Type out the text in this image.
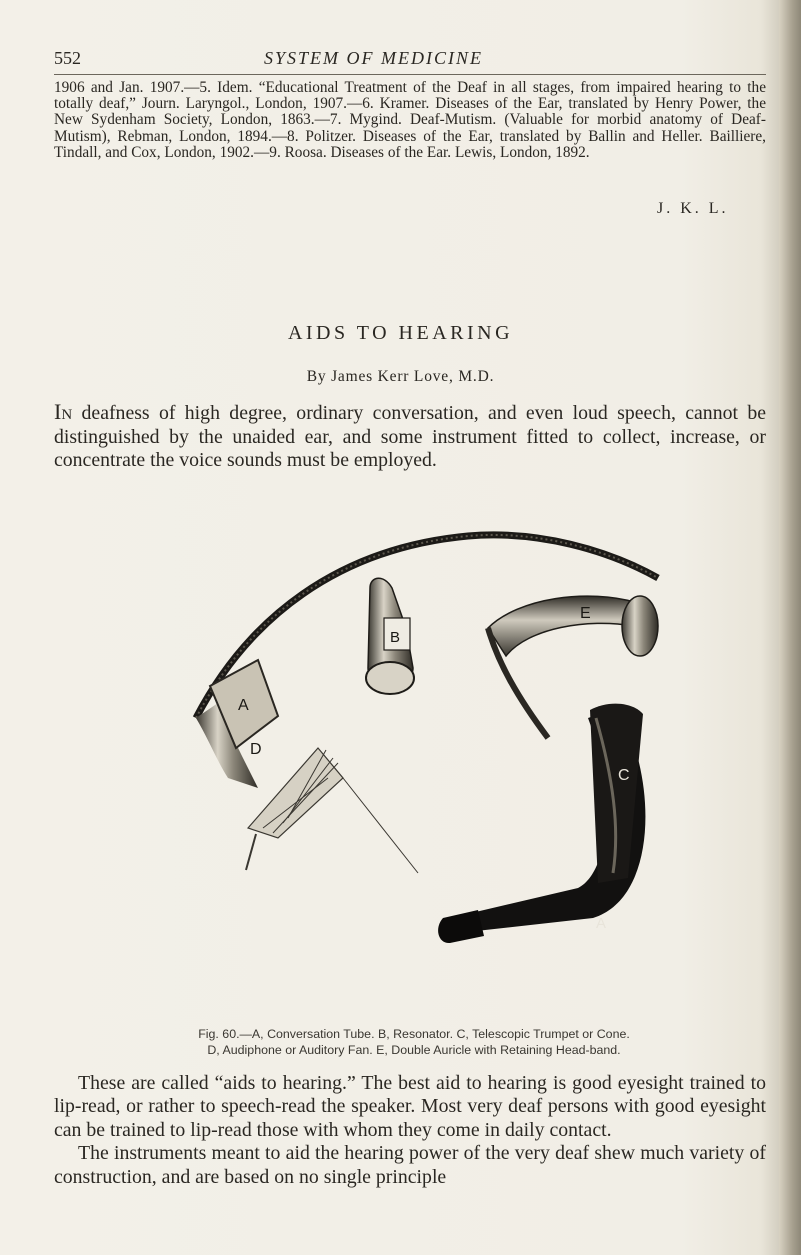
552	SYSTEM OF MEDICINE
1906 and Jan. 1907.—5. Idem. “Educational Treatment of the Deaf in all stages, from impaired hearing to the totally deaf,” Journ. Laryngol., London, 1907.—6. Kramer. Diseases of the Ear, translated by Henry Power, the New Sydenham Society, London, 1863.—7. Mygind. Deaf-Mutism. (Valuable for morbid anatomy of Deaf-Mutism), Rebman, London, 1894.—8. Politzer. Diseases of the Ear, translated by Ballin and Heller. Bailliere, Tindall, and Cox, London, 1902.—9. Roosa. Diseases of the Ear. Lewis, London, 1892.
J. K. L.
AIDS TO HEARING
By James Kerr Love, M.D.
In deafness of high degree, ordinary conversation, and even loud speech, cannot be distinguished by the unaided ear, and some instrument fitted to collect, increase, or concentrate the voice sounds must be employed.
C
A
A
B
E
D
Fig. 60.—A, Conversation Tube. B, Resonator. C, Telescopic Trumpet or Cone.
D, Audiphone or Auditory Fan. E, Double Auricle with Retaining Head-band.

These are called “aids to hearing.” The best aid to hearing is good eyesight trained to lip-read, or rather to speech-read the speaker. Most very deaf persons with good eyesight can be trained to lip-read those with whom they come in daily contact.

The instruments meant to aid the hearing power of the very deaf shew much variety of construction, and are based on no single principle
